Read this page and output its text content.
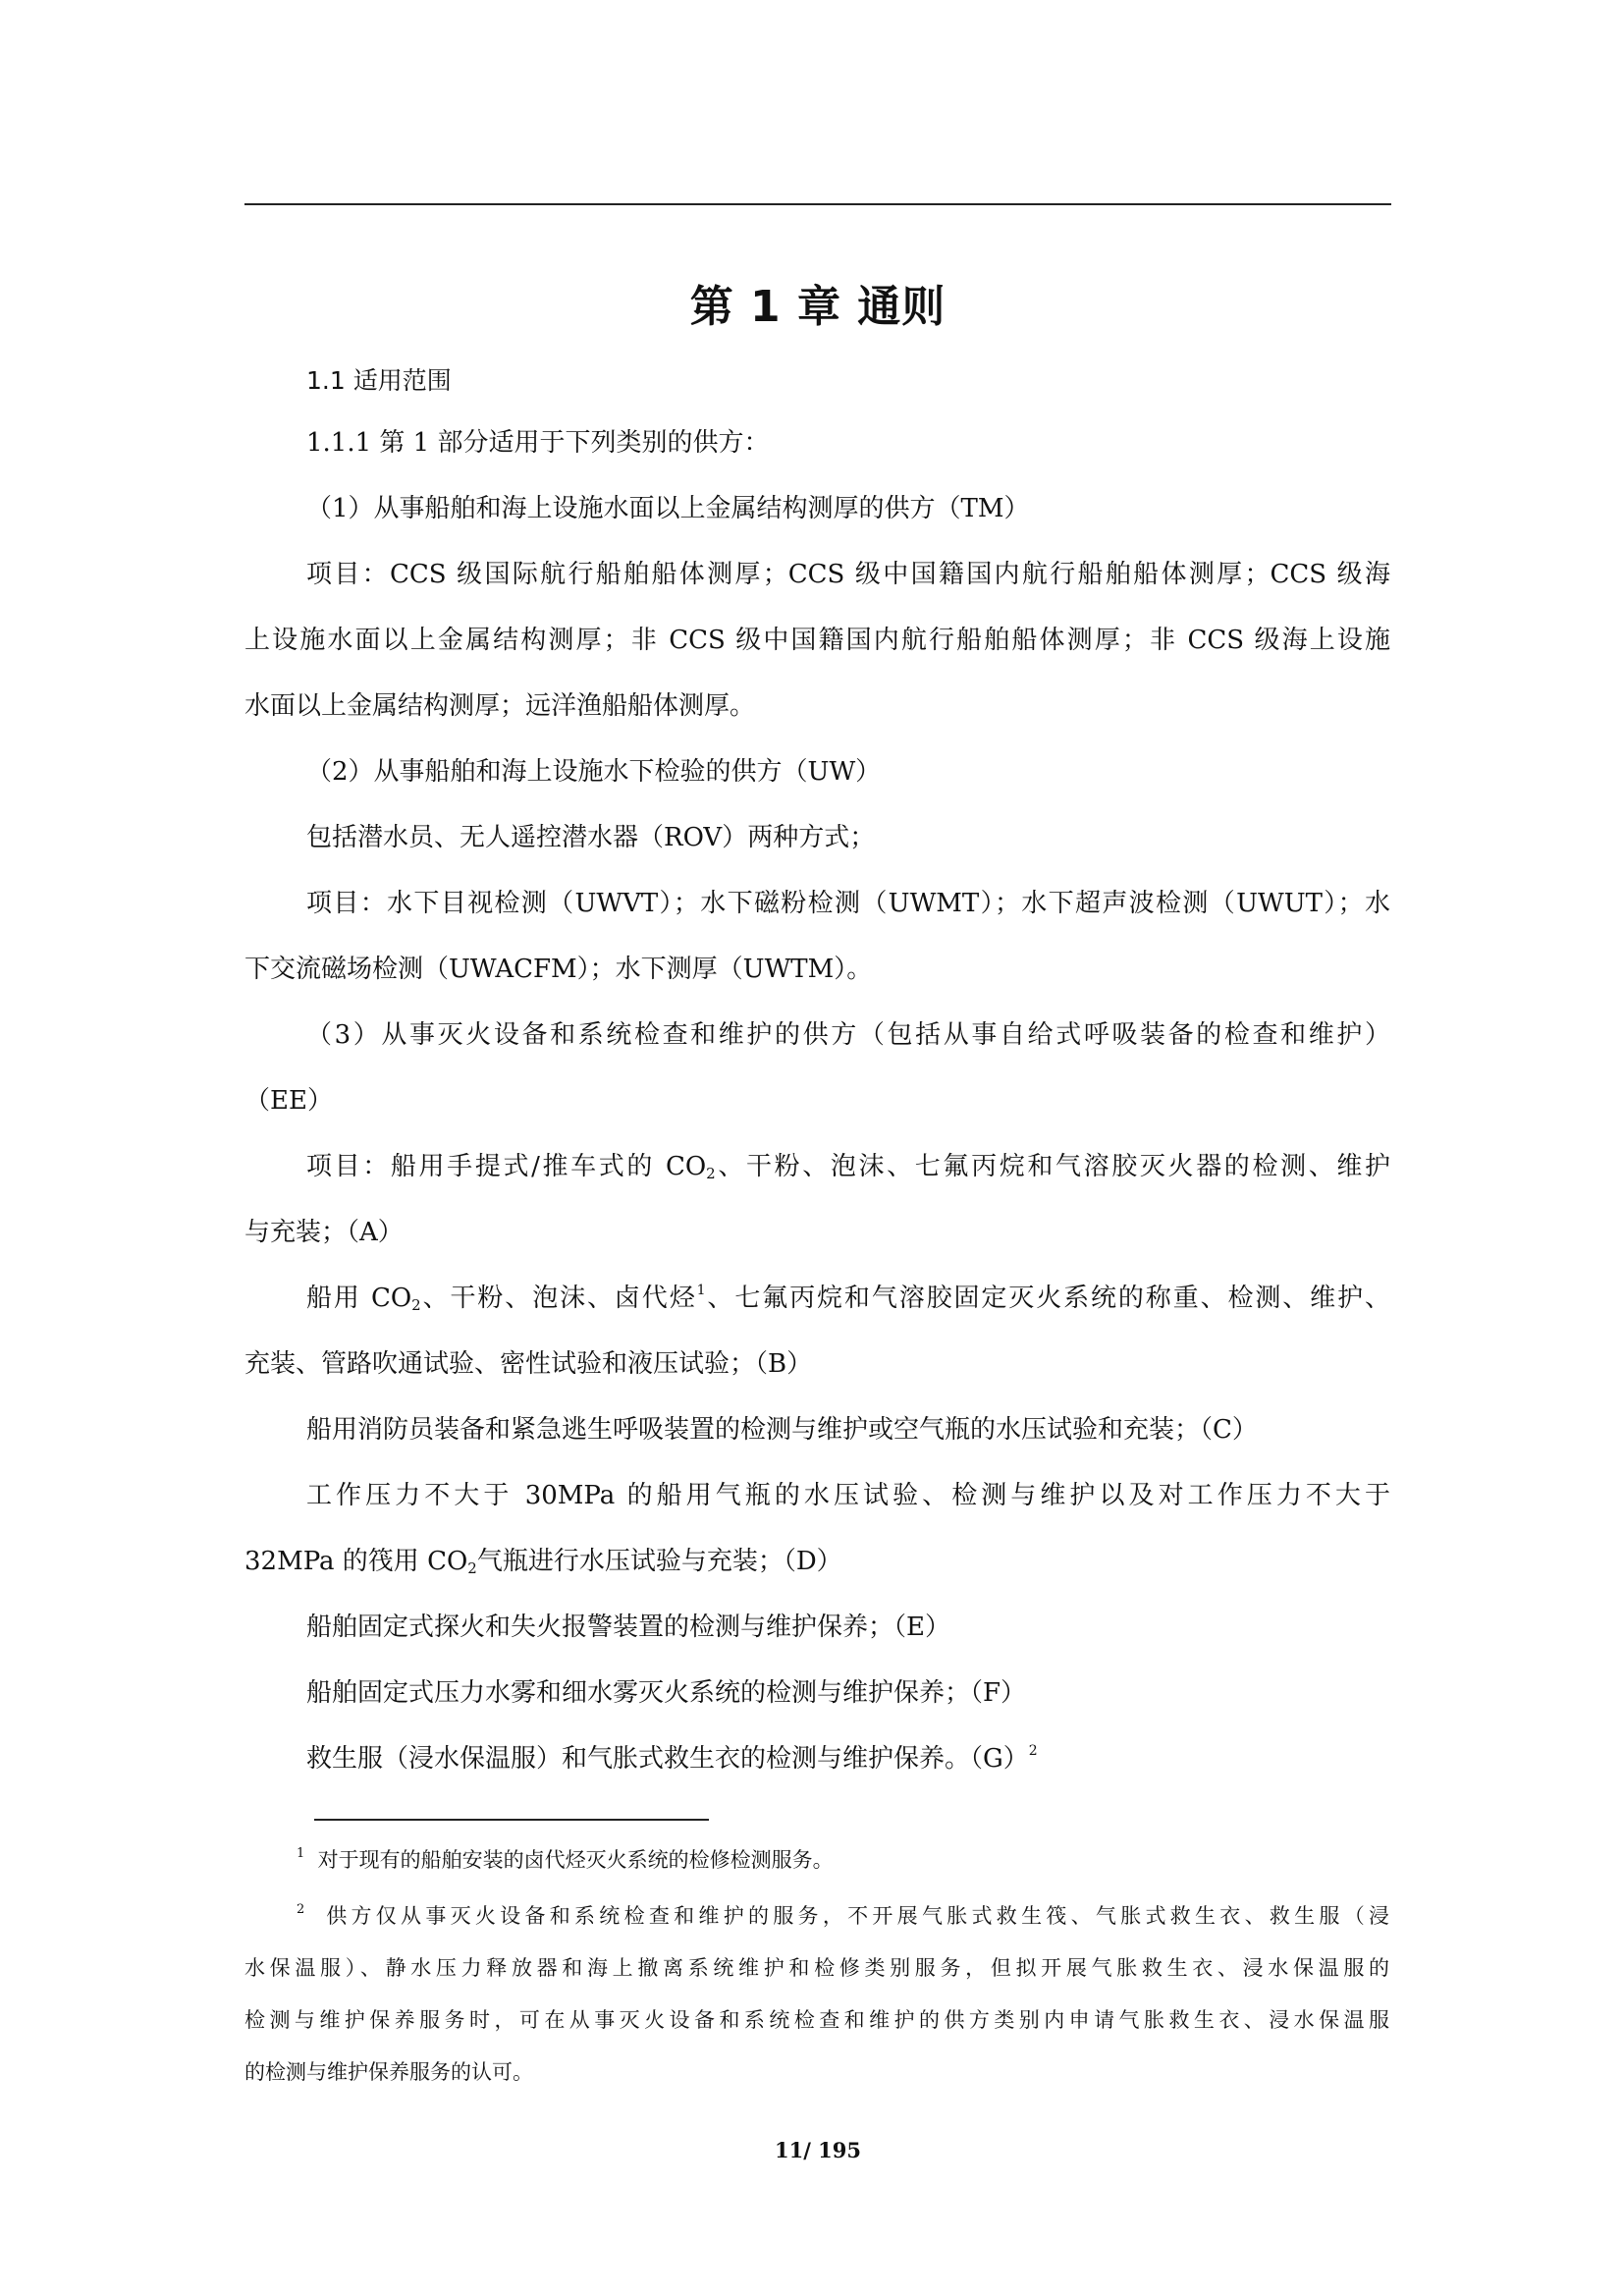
第 1 章 通则
1.1 适用范围
1.1.1 第 1 部分适用于下列类别的供方：
（1）从事船舶和海上设施水面以上金属结构测厚的供方（TM）
项目：CCS 级国际航行船舶船体测厚；CCS 级中国籍国内航行船舶船体测厚；CCS 级海
上设施水面以上金属结构测厚；非 CCS 级中国籍国内航行船舶船体测厚；非 CCS 级海上设施
水面以上金属结构测厚；远洋渔船船体测厚。
（2）从事船舶和海上设施水下检验的供方（UW）
包括潜水员、无人遥控潜水器（ROV）两种方式；
项目：水下目视检测（UWVT）；水下磁粉检测（UWMT）；水下超声波检测（UWUT）；水
下交流磁场检测（UWACFM）；水下测厚（UWTM）。
（3）从事灭火设备和系统检查和维护的供方（包括从事自给式呼吸装备的检查和维护）
（EE）
项目：船用手提式/推车式的 $CO_2$、干粉、泡沫、七氟丙烷和气溶胶灭火器的检测、维护
与充装；（A）
船用 $CO_2$、干粉、泡沫、卤代烃$^1$、七氟丙烷和气溶胶固定灭火系统的称重、检测、维护、
充装、管路吹通试验、密性试验和液压试验；（B）
船用消防员装备和紧急逃生呼吸装置的检测与维护或空气瓶的水压试验和充装；（C）
工作压力不大于 30MPa 的船用气瓶的水压试验、检测与维护以及对工作压力不大于
32MPa 的筏用 $CO_2$气瓶进行水压试验与充装；（D）
船舶固定式探火和失火报警装置的检测与维护保养；（E）
船舶固定式压力水雾和细水雾灭火系统的检测与维护保养；（F）
救生服（浸水保温服）和气胀式救生衣的检测与维护保养。$(G)^2$
$^1$ 对于现有的船舶安装的卤代烃灭火系统的检修检测服务。
$^2$ 供方仅从事灭火设备和系统检查和维护的服务，不开展气胀式救生筏、气胀式救生衣、救生服（浸
水保温服）、静水压力释放器和海上撤离系统维护和检修类别服务，但拟开展气胀救生衣、浸水保温服的
检测与维护保养服务时，可在从事灭火设备和系统检查和维护的供方类别内申请气胀救生衣、浸水保温服
的检测与维护保养服务的认可。
11/ 195
